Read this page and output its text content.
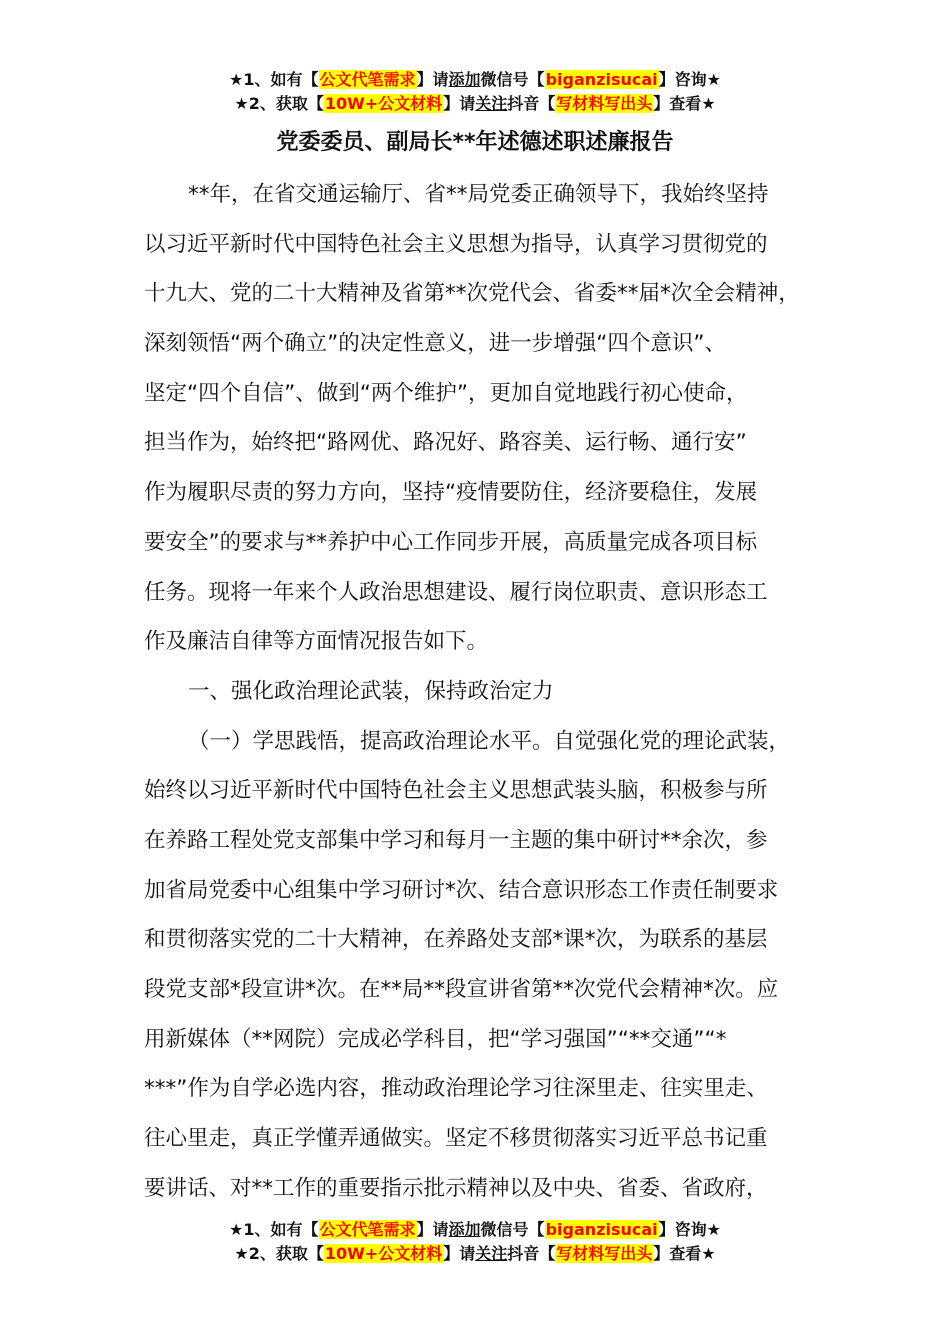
★1、如有【公文代笔需求】请添加微信号【biganzisucai】咨询★
★2、获取【10W+公文材料】请关注抖音【写材料写出头】查看★
党委委员、副局长**年述德述职述廉报告
**年，在省交通运输厅、省**局党委正确领导下，我始终坚持
以习近平新时代中国特色社会主义思想为指导，认真学习贯彻党的
十九大、党的二十大精神及省第**次党代会、省委**届*次全会精神，
深刻领悟“两个确立”的决定性意义，进一步增强“四个意识”、
坚定“四个自信”、做到“两个维护”，更加自觉地践行初心使命，
担当作为，始终把“路网优、路况好、路容美、运行畅、通行安”
作为履职尽责的努力方向，坚持“疫情要防住，经济要稳住，发展
要安全”的要求与**养护中心工作同步开展，高质量完成各项目标
任务。现将一年来个人政治思想建设、履行岗位职责、意识形态工
作及廉洁自律等方面情况报告如下。
一、强化政治理论武装，保持政治定力
（一）学思践悟，提高政治理论水平。自觉强化党的理论武装，
始终以习近平新时代中国特色社会主义思想武装头脑，积极参与所
在养路工程处党支部集中学习和每月一主题的集中研讨**余次，参
加省局党委中心组集中学习研讨*次、结合意识形态工作责任制要求
和贯彻落实党的二十大精神，在养路处支部*课*次，为联系的基层
段党支部*段宣讲*次。在**局**段宣讲省第**次党代会精神*次。应
用新媒体（**网院）完成必学科目，把“学习强国”“**交通”“*
***”作为自学必选内容，推动政治理论学习往深里走、往实里走、
往心里走，真正学懂弄通做实。坚定不移贯彻落实习近平总书记重
要讲话、对**工作的重要指示批示精神以及中央、省委、省政府，
★1、如有【公文代笔需求】请添加微信号【biganzisucai】咨询★
★2、获取【10W+公文材料】请关注抖音【写材料写出头】查看★
